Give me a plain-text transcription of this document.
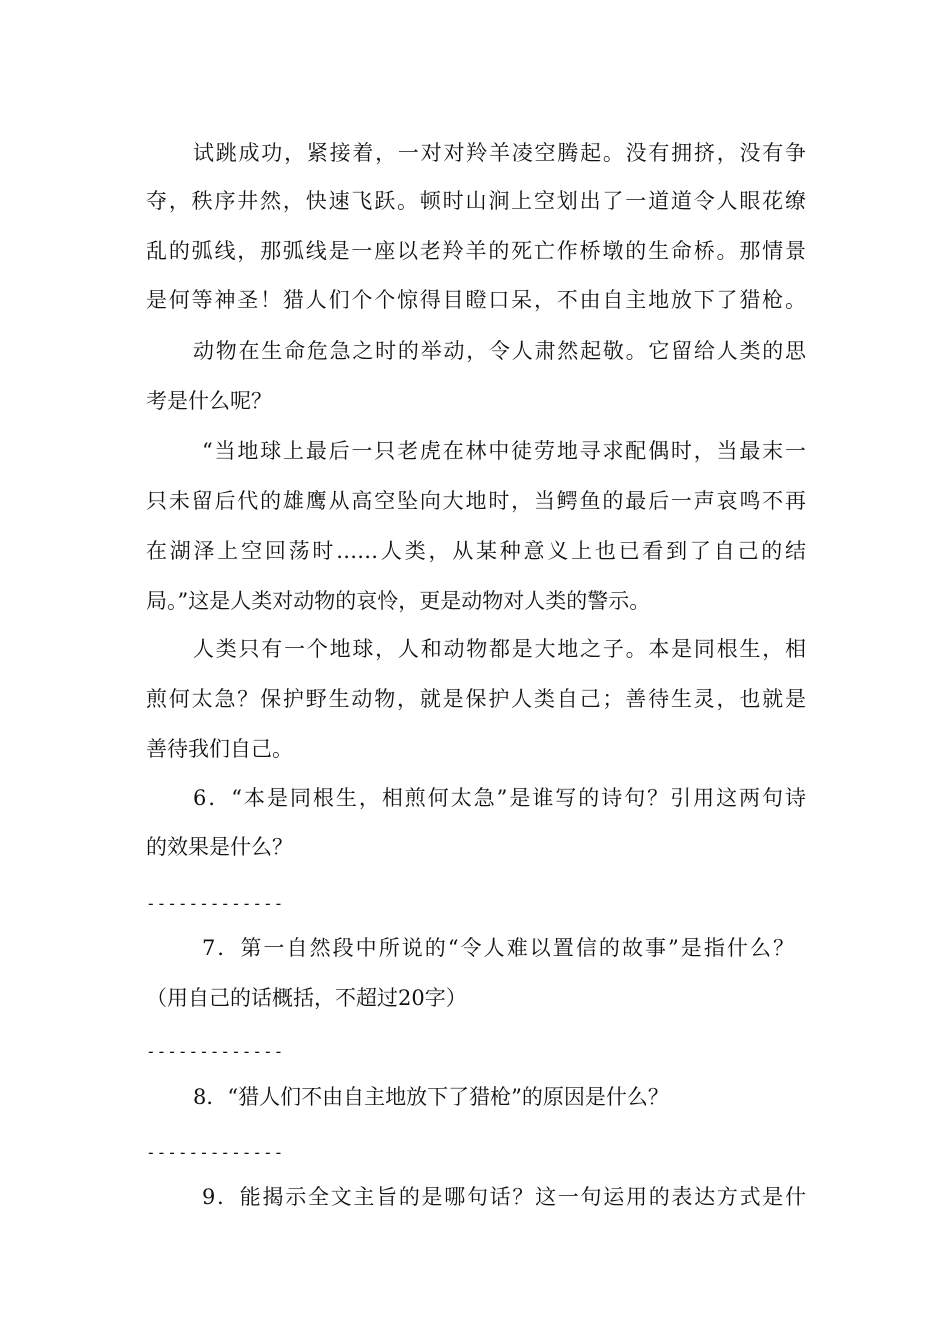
试跳成功，紧接着，一对对羚羊凌空腾起。没有拥挤，没有争
夺，秩序井然，快速飞跃。顿时山涧上空划出了一道道令人眼花缭
乱的弧线，那弧线是一座以老羚羊的死亡作桥墩的生命桥。那情景
是何等神圣！猎人们个个惊得目瞪口呆，不由自主地放下了猎枪。
动物在生命危急之时的举动，令人肃然起敬。它留给人类的思
考是什么呢？
“当地球上最后一只老虎在林中徒劳地寻求配偶时，当最末一
只未留后代的雄鹰从高空坠向大地时，当鳄鱼的最后一声哀鸣不再
在湖泽上空回荡时……人类，从某种意义上也已看到了自己的结
局。”这是人类对动物的哀怜，更是动物对人类的警示。
人类只有一个地球，人和动物都是大地之子。本是同根生，相
煎何太急？保护野生动物，就是保护人类自己；善待生灵，也就是
善待我们自己。
6．“本是同根生，相煎何太急”是谁写的诗句？引用这两句诗
的效果是什么？
-------------
7．第一自然段中所说的“令人难以置信的故事”是指什么？
（用自己的话概括，不超过20字）
-------------
8．“猎人们不由自主地放下了猎枪”的原因是什么？
-------------
9．能揭示全文主旨的是哪句话？这一句运用的表达方式是什
